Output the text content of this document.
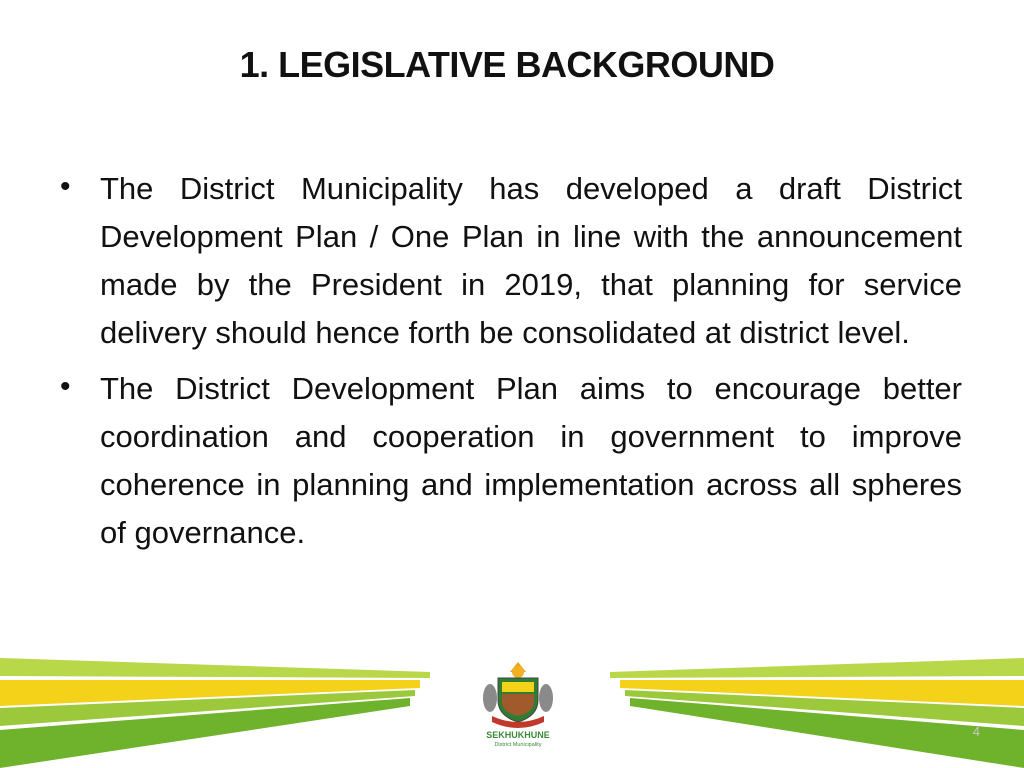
1. LEGISLATIVE BACKGROUND
• The District Municipality has developed a draft District Development Plan / One Plan in line with the announcement made by the President in 2019, that planning for service delivery should hence forth be consolidated at district level.
• The District Development Plan aims to encourage better coordination and cooperation in government to improve coherence in planning and implementation across all spheres of governance.
SEKHUKHUNE
District Municipality
4
